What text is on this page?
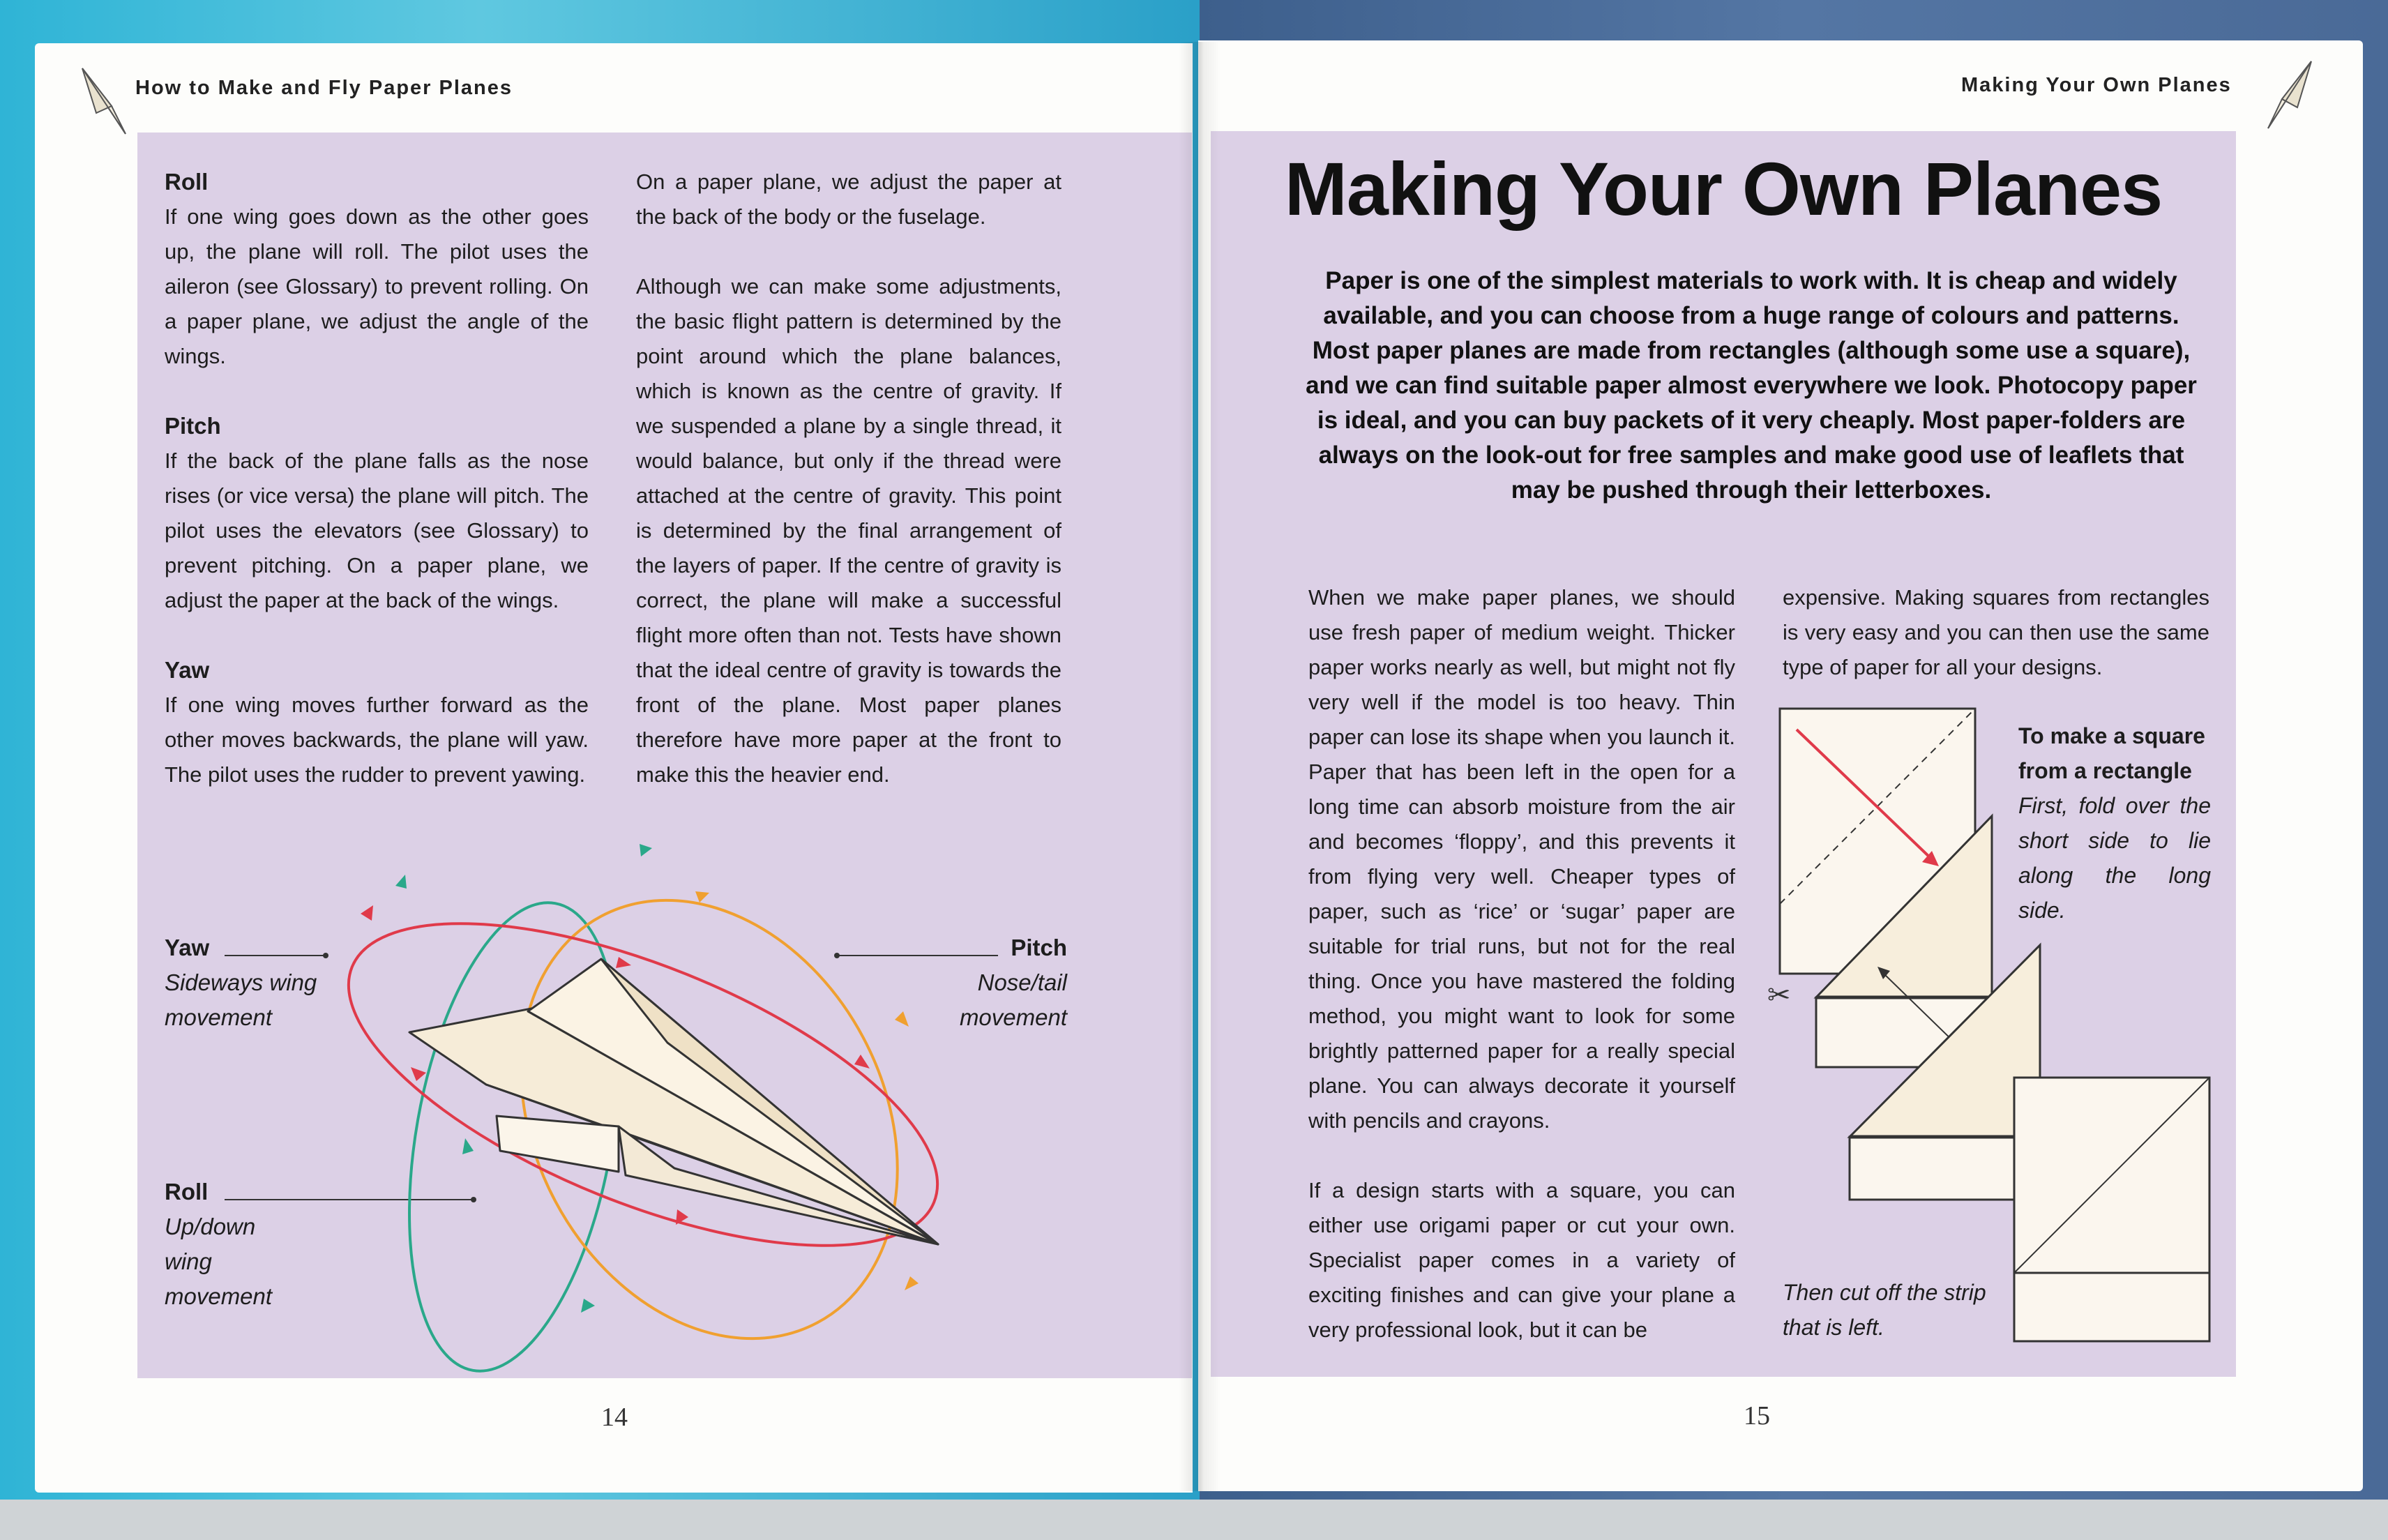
How to Make and Fly Paper Planes	Making Your Own Planes

Roll
If one wing goes down as the other goes up, the plane will roll. The pilot uses the aileron (see Glossary) to prevent rolling. On a paper plane, we adjust the angle of the wings.

Pitch
If the back of the plane falls as the nose rises (or vice versa) the plane will pitch. The pilot uses the elevators (see Glossary) to prevent pitching. On a paper plane, we adjust the paper at the back of the wings.

Yaw
If one wing moves further forward as the other moves backwards, the plane will yaw. The pilot uses the rudder to prevent yawing.

On a paper plane, we adjust the paper at the back of the body or the fuselage.

Although we can make some adjustments, the basic flight pattern is determined by the point around which the plane balances, which is known as the centre of gravity. If we suspended a plane by a single thread, it would balance, but only if the thread were attached at the centre of gravity. This point is determined by the final arrangement of the layers of paper. If the centre of gravity is correct, the plane will make a successful flight more often than not. Tests have shown that the ideal centre of gravity is towards the front of the plane. Most paper planes therefore have more paper at the front to make this the heavier end.

Yaw
Sideways wing movement
Pitch
Nose/tail movement
Roll
Up/down wing movement
Making Your Own Planes
Paper is one of the simplest materials to work with. It is cheap and widely available, and you can choose from a huge range of colours and patterns. Most paper planes are made from rectangles (although some use a square), and we can find suitable paper almost everywhere we look. Photocopy paper is ideal, and you can buy packets of it very cheaply. Most paper-folders are always on the look-out for free samples and make good use of leaflets that may be pushed through their letterboxes.

When we make paper planes, we should use fresh paper of medium weight. Thicker paper works nearly as well, but might not fly very well if the model is too heavy. Thin paper can lose its shape when you launch it. Paper that has been left in the open for a long time can absorb moisture from the air and becomes ‘floppy’, and this prevents it from flying very well. Cheaper types of paper, such as ‘rice’ or ‘sugar’ paper are suitable for trial runs, but not for the real thing. Once you have mastered the folding method, you might want to look for some brightly patterned paper for a really special plane. You can always decorate it yourself with pencils and crayons.

If a design starts with a square, you can either use origami paper or cut your own. Specialist paper comes in a variety of exciting finishes and can give your plane a very professional look, but it can be

expensive. Making squares from rectangles is very easy and you can then use the same type of paper for all your designs.

✂
To make a square from a rectangle
First, fold over the short side to lie along the long side.
Then cut off the strip that is left.
14	15
